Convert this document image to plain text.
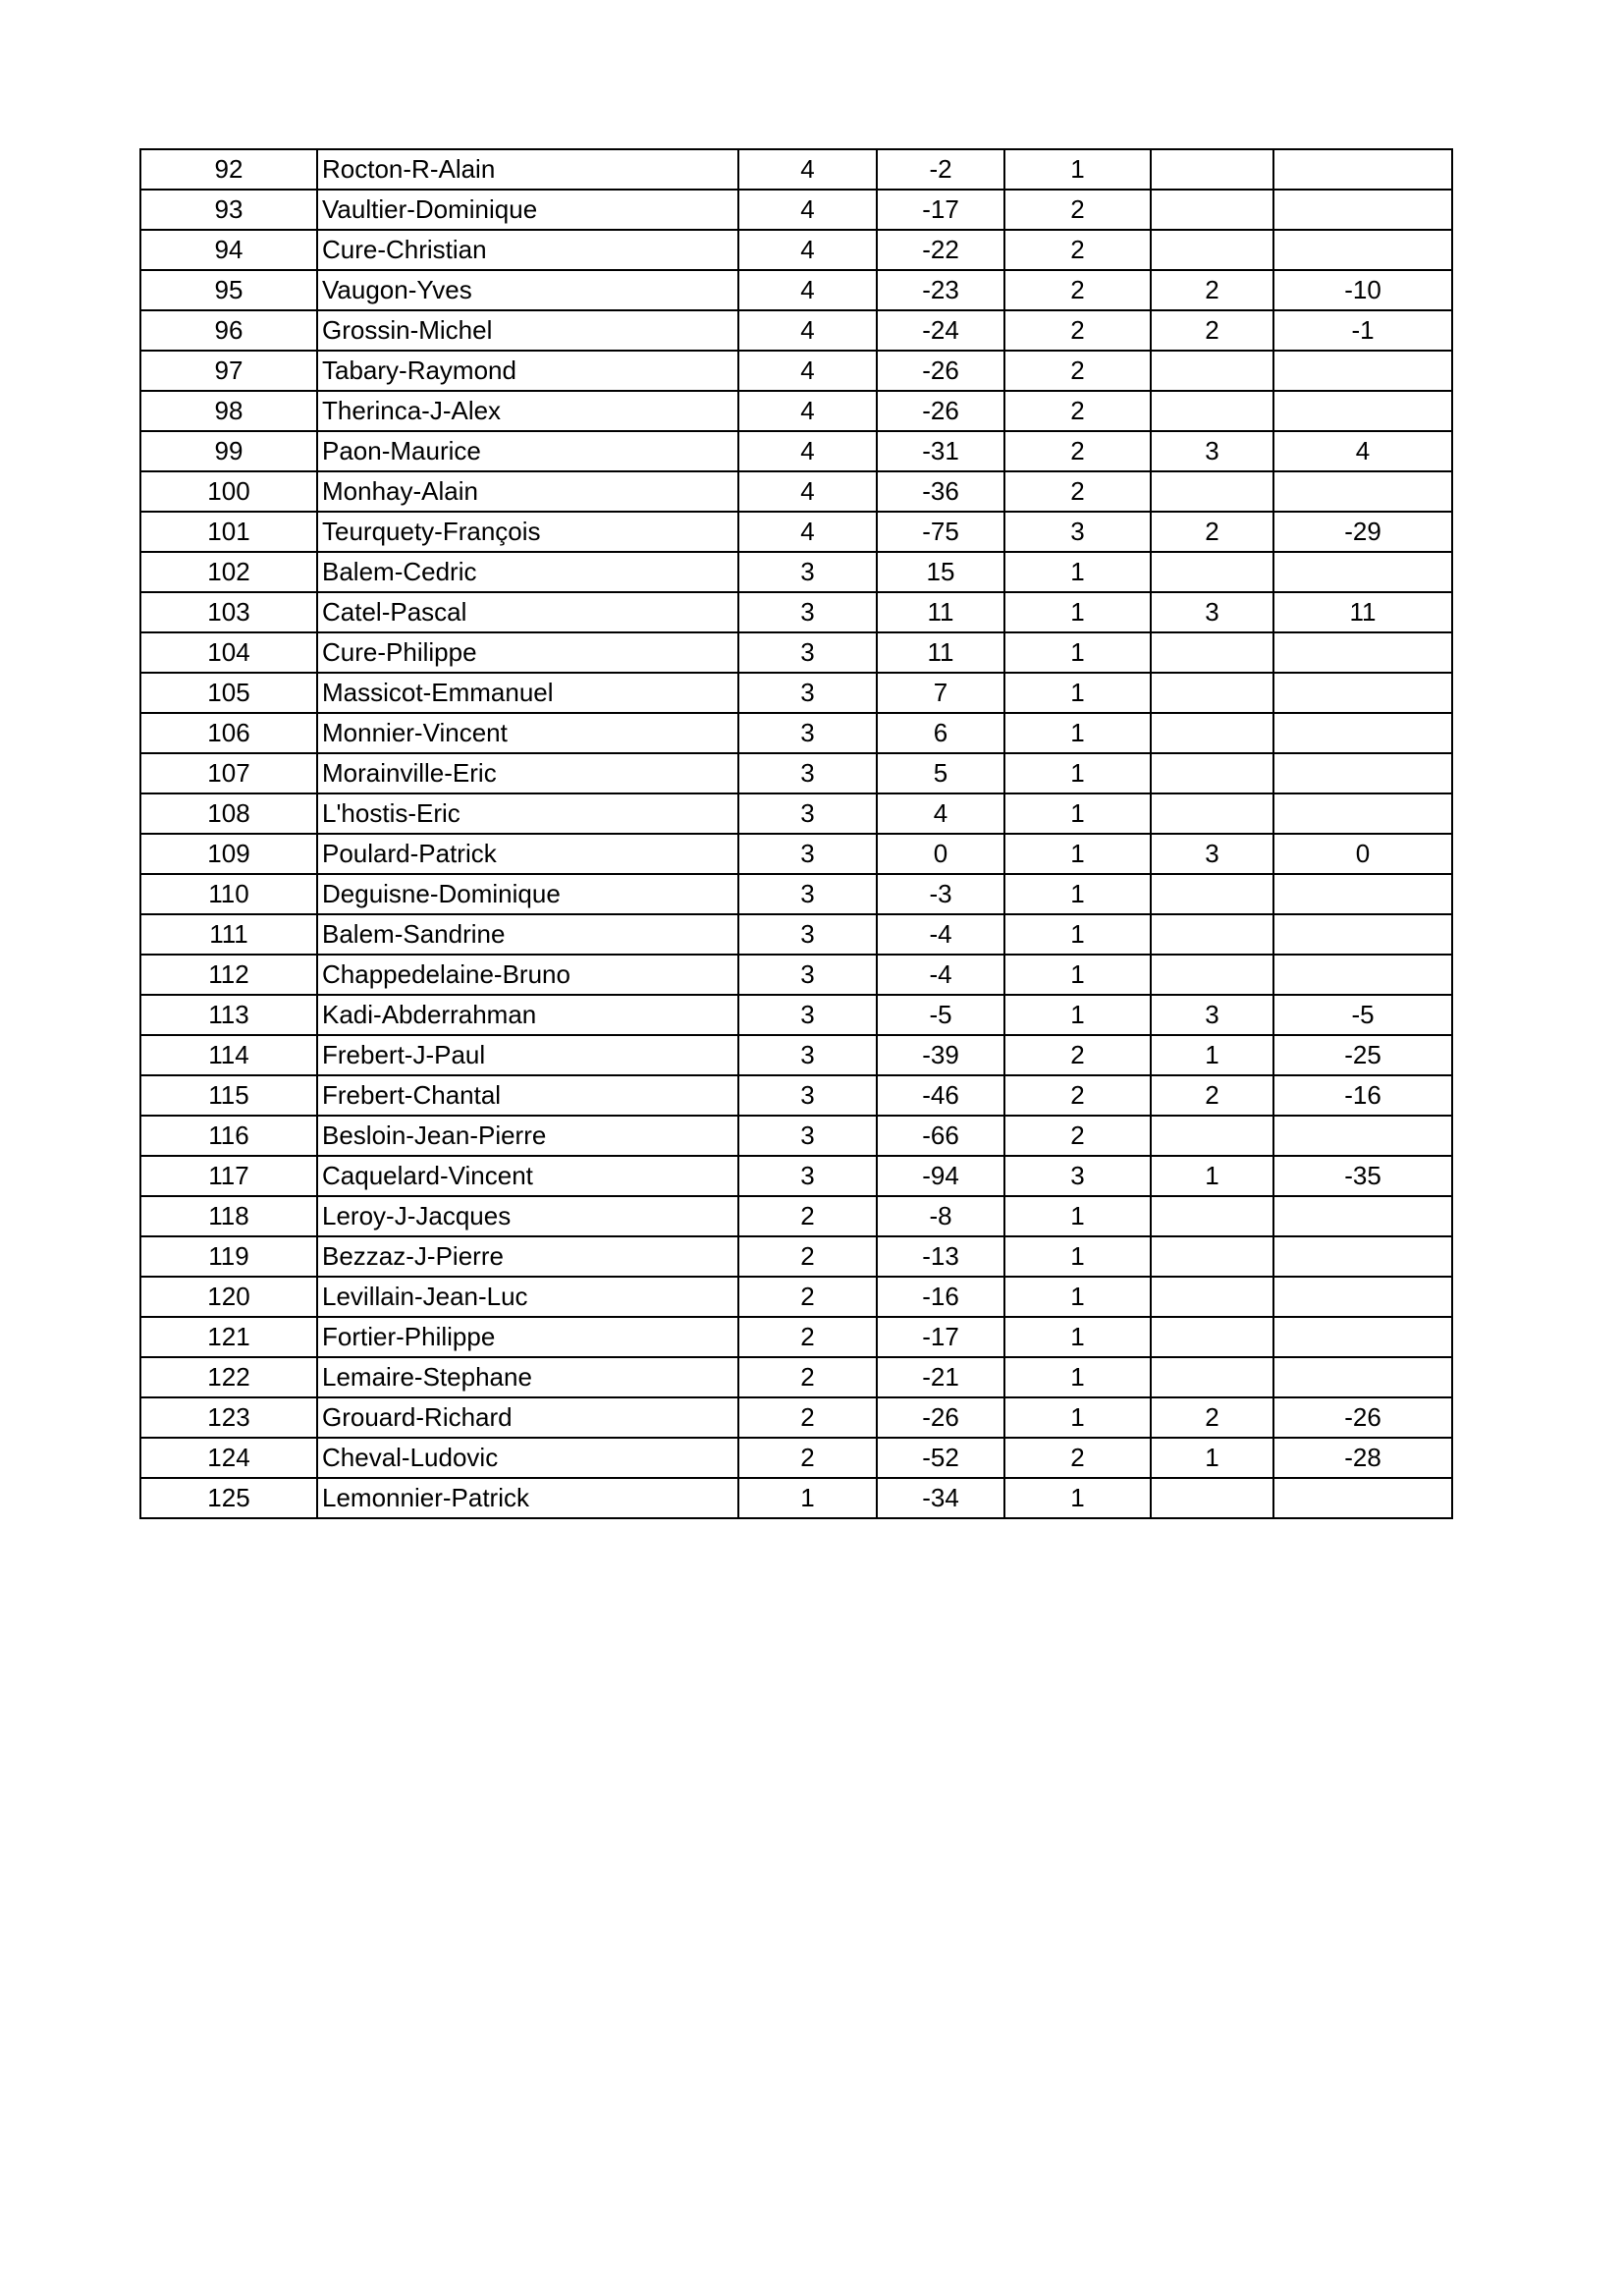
92	Rocton-R-Alain	4	-2	1		
93	Vaultier-Dominique	4	-17	2		
94	Cure-Christian	4	-22	2		
95	Vaugon-Yves	4	-23	2	2	-10
96	Grossin-Michel	4	-24	2	2	-1
97	Tabary-Raymond	4	-26	2		
98	Therinca-J-Alex	4	-26	2		
99	Paon-Maurice	4	-31	2	3	4
100	Monhay-Alain	4	-36	2		
101	Teurquety-François	4	-75	3	2	-29
102	Balem-Cedric	3	15	1		
103	Catel-Pascal	3	11	1	3	11
104	Cure-Philippe	3	11	1		
105	Massicot-Emmanuel	3	7	1		
106	Monnier-Vincent	3	6	1		
107	Morainville-Eric	3	5	1		
108	L'hostis-Eric	3	4	1		
109	Poulard-Patrick	3	0	1	3	0
110	Deguisne-Dominique	3	-3	1		
111	Balem-Sandrine	3	-4	1		
112	Chappedelaine-Bruno	3	-4	1		
113	Kadi-Abderrahman	3	-5	1	3	-5
114	Frebert-J-Paul	3	-39	2	1	-25
115	Frebert-Chantal	3	-46	2	2	-16
116	Besloin-Jean-Pierre	3	-66	2		
117	Caquelard-Vincent	3	-94	3	1	-35
118	Leroy-J-Jacques	2	-8	1		
119	Bezzaz-J-Pierre	2	-13	1		
120	Levillain-Jean-Luc	2	-16	1		
121	Fortier-Philippe	2	-17	1		
122	Lemaire-Stephane	2	-21	1		
123	Grouard-Richard	2	-26	1	2	-26
124	Cheval-Ludovic	2	-52	2	1	-28
125	Lemonnier-Patrick	1	-34	1		
